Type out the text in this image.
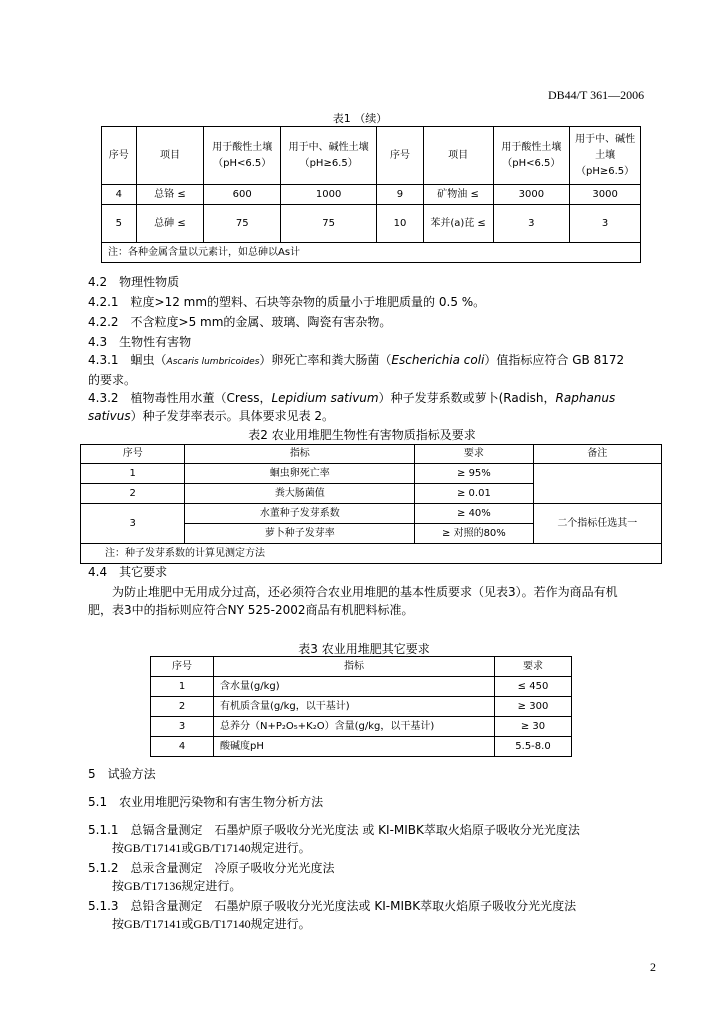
DB44/T 361—2006
表1 （续）
序号	项目	用于酸性土壤（pH<6.5）	用于中、碱性土壤（pH≥6.5）	序号	项目	用于酸性土壤（pH<6.5）	用于中、碱性土壤（pH≥6.5）
4	总铬 ≤	600	1000	9	矿物油 ≤	3000	3000
5	总砷 ≤	75	75	10	苯并(a)芘 ≤	3	3
注：各种金属含量以元素计，如总砷以As计							
4.2　物理性物质
4.2.1　粒度>12 mm的塑料、石块等杂物的质量小于堆肥质量的 0.5 %。
4.2.2　不含粒度>5 mm的金属、玻璃、陶瓷有害杂物。
4.3　生物性有害物
4.3.1　蛔虫（Ascaris lumbricoides）卵死亡率和粪大肠菌（Escherichia coli）值指标应符合 GB 8172
的要求。
4.3.2　植物毒性用水董（Cress，Lepidium sativum）种子发芽系数或萝卜(Radish，Raphanus
sativus）种子发芽率表示。具体要求见表 2。
表2 农业用堆肥生物性有害物质指标及要求
序号	指标	要求	备注
1	蛔虫卵死亡率	≥ 95%	
2	粪大肠菌值	≥ 0.01	
3	水董种子发芽系数	≥ 40%	二个指标任选其一
	萝卜种子发芽率	≥ 对照的80%	
注：种子发芽系数的计算见测定方法			
4.4　其它要求
为防止堆肥中无用成分过高，还必须符合农业用堆肥的基本性质要求（见表3）。若作为商品有机
肥，表3中的指标则应符合NY 525-2002商品有机肥料标准。
表3 农业用堆肥其它要求
序号	指标	要求
1	含水量(g/kg)	≤ 450
2	有机质含量(g/kg，以干基计)	≥ 300
3	总养分（N+P₂O₅+K₂O）含量(g/kg，以干基计)	≥ 30
4	酸碱度pH	5.5-8.0
5　试验方法
5.1　农业用堆肥污染物和有害生物分析方法
5.1.1　总镉含量测定　石墨炉原子吸收分光光度法 或 KI-MIBK萃取火焰原子吸收分光光度法
按GB/T17141或GB/T17140规定进行。
5.1.2　总汞含量测定　冷原子吸收分光光度法
按GB/T17136规定进行。
5.1.3　总铅含量测定　石墨炉原子吸收分光光度法或 KI-MIBK萃取火焰原子吸收分光光度法
按GB/T17141或GB/T17140规定进行。
2
